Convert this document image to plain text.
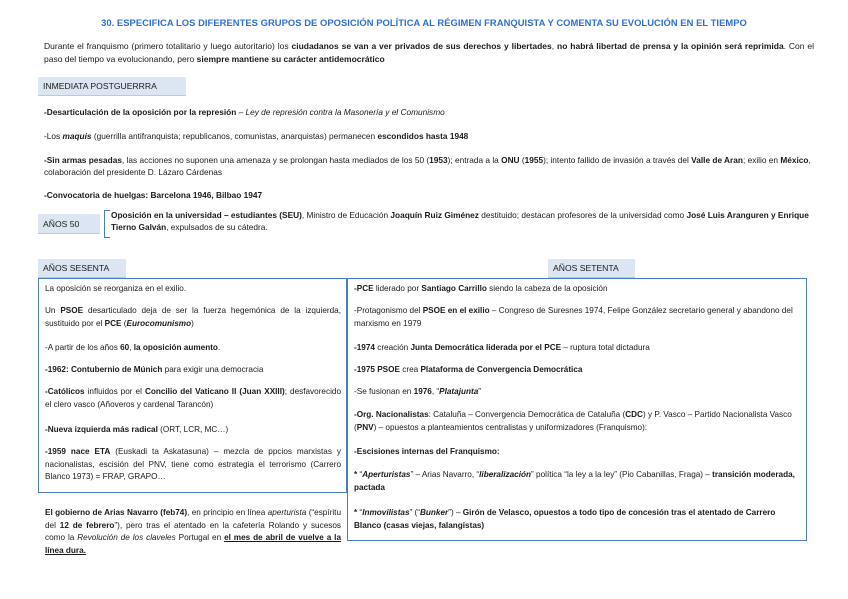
30. ESPECIFICA LOS DIFERENTES GRUPOS DE OPOSICIÓN POLÍTICA AL RÉGIMEN FRANQUISTA Y COMENTA SU EVOLUCIÓN EN EL TIEMPO
Durante el franquismo (primero totalitario y luego autoritario) los ciudadanos se van a ver privados de sus derechos y libertades, no habrá libertad de prensa y la opinión será reprimida. Con el paso del tiempo va evolucionando, pero siempre mantiene su carácter antidemocrático
INMEDIATA POSTGUERRRA
-Desarticulación de la oposición por la represión – Ley de represión contra la Masonería y el Comunismo
-Los maquis (guerrilla antifranquista; republicanos, comunistas, anarquistas) permanecen escondidos hasta 1948
-Sin armas pesadas, las acciones no suponen una amenaza y se prolongan hasta mediados de los 50 (1953); entrada a la ONU (1955); intento fallido de invasión a través del Valle de Aran; exilio en México, colaboración del presidente D. Lázaro Cárdenas
-Convocatoria de huelgas: Barcelona 1946, Bilbao 1947
AÑOS 50
Oposición en la universidad – estudiantes (SEU), Ministro de Educación Joaquín Ruiz Giménez destituido; destacan profesores de la universidad como José Luis Aranguren y Enrique Tierno Galván, expulsados de su cátedra.
AÑOS SESENTA	AÑOS SETENTA
La oposición se reorganiza en el exilio.
Un PSOE desarticulado deja de ser la fuerza hegemónica de la izquierda, sustituido por el PCE (Eurocomunismo)
-A partir de los años 60, la oposición aumento.
-1962: Contubernio de Múnich para exigir una democracia
-Católicos influidos por el Concilio del Vaticano II (Juan XXIII); desfavorecido el clero vasco (Añoveros y cardenal Tarancón)
-Nueva izquierda más radical (ORT, LCR, MC…)
-1959 nace ETA (Euskadi ta Askatasuna) – mezcla de ppcios marxistas y nacionalistas, escisión del PNV, tiene como estrategia el terrorismo (Carrero Blanco 1973) = FRAP, GRAPO…
El gobierno de Arias Navarro (feb74), en principio en línea aperturista (“espíritu del 12 de febrero”), pero tras el atentado en la cafetería Rolando y sucesos como la Revolución de los claveles Portugal en el mes de abril de vuelve a la línea dura.
-PCE liderado por Santiago Carrillo siendo la cabeza de la oposición
-Protagonismo del PSOE en el exilio – Congreso de Suresnes 1974, Felipe González secretario general y abandono del marxismo en 1979
-1974 creación Junta Democrática liderada por el PCE – ruptura total dictadura
-1975 PSOE crea Plataforma de Convergencia Democrática
-Se fusionan en 1976, “Platajunta”
-Org. Nacionalistas: Cataluña – Convergencia Democrática de Cataluña (CDC) y P. Vasco – Partido Nacionalista Vasco (PNV) – opuestos a planteamientos centralistas y uniformizadores (Franquismo):
-Escisiones internas del Franquismo:
* “Aperturistas” – Arias Navarro, “liberalización” política “la ley a la ley” (Pio Cabanillas, Fraga) – transición moderada, pactada
* “Inmovilistas” (“Bunker”) – Girón de Velasco, opuestos a todo tipo de concesión tras el atentado de Carrero Blanco (casas viejas, falangistas)
